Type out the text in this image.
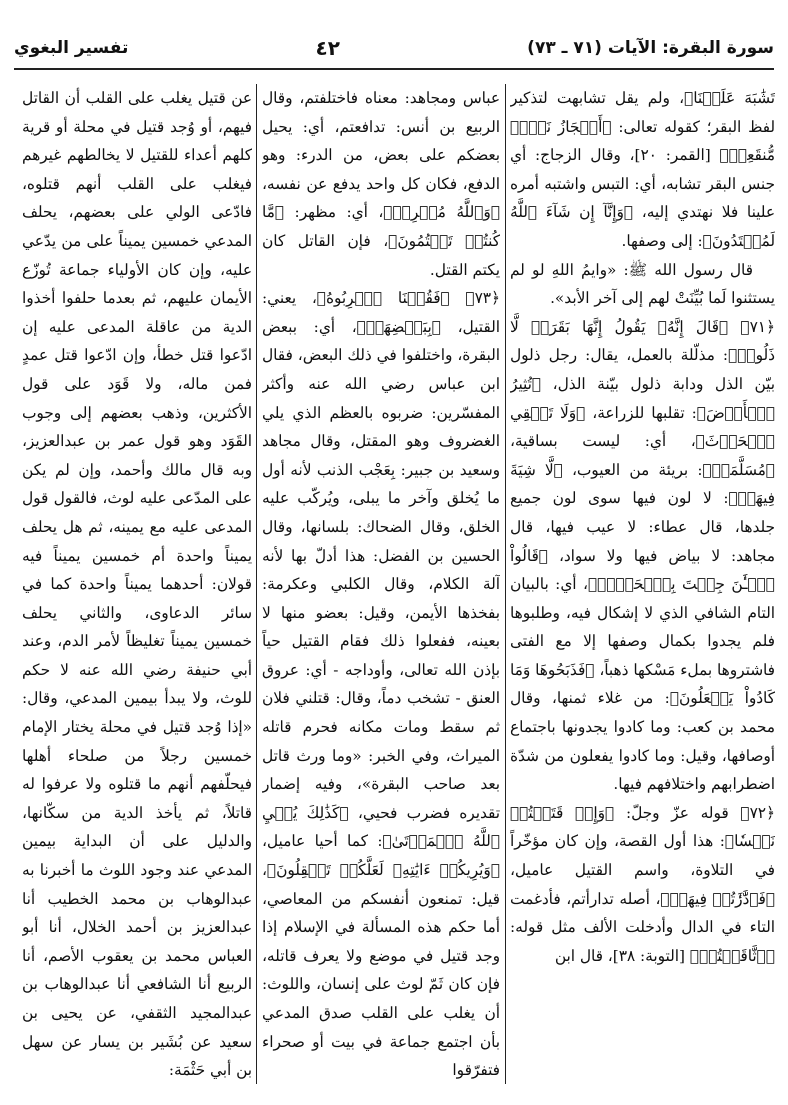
سورة البقرة: الآيات (٧١ ـ ٧٣)
٤٢
تفسير البغوي

تَشَٰبَهَ عَلَيۡنَا﴾، ولم يقل تشابهت لتذكير لفظ البقر؛ كقوله تعالى: ﴿أَعۡجَازُ نَخۡلٖ مُّنقَعِرٖ﴾ [القمر: ٢٠]، وقال الزجاج: أي جنس البقر تشابه، أي: التبس واشتبه أمره علينا فلا نهتدي إليه، ﴿وَإِنَّآ إِن شَآءَ ٱللَّهُ لَمُهۡتَدُونَ﴾: إلى وصفها.

قال رسول الله ﷺ: «وايمُ اللهِ لو لم يستثنوا لَما بُيِّنَتْ لهم إلى آخر الأبد».

﴿٧١﴾ ﴿قَالَ إِنَّهُۥ يَقُولُ إِنَّهَا بَقَرَةٞ لَّا ذَلُولٞ﴾: مذلّلة بالعمل، يقال: رجل ذلول بيّن الذل ودابة ذلول بيّنة الذل، ﴿تُثِيرُ ٱلۡأَرۡضَ﴾: تقلبها للزراعة، ﴿وَلَا تَسۡقِي ٱلۡحَرۡثَ﴾، أي: ليست بساقية، ﴿مُسَلَّمَةٞ﴾: بريئة من العيوب، ﴿لَّا شِيَةَ فِيهَاۚ﴾: لا لون فيها سوى لون جميع جلدها، قال عطاء: لا عيب فيها، قال مجاهد: لا بياض فيها ولا سواد، ﴿قَالُواْ ٱلۡـَٰٔنَ جِئۡتَ بِٱلۡحَقِّۚ﴾، أي: بالبيان التام الشافي الذي لا إشكال فيه، وطلبوها فلم يجدوا بكمال وصفها إلا مع الفتى فاشتروها بملء مَسْكها ذهباً، ﴿فَذَبَحُوهَا وَمَا كَادُواْ يَفۡعَلُونَ﴾: من غلاء ثمنها، وقال محمد بن كعب: وما كادوا يجدونها باجتماع أوصافها، وقيل: وما كادوا يفعلون من شدّة اضطرابهم واختلافهم فيها.

﴿٧٢﴾ قوله عزّ وجلّ: ﴿وَإِذۡ قَتَلۡتُمۡ نَفۡسٗا﴾: هذا أول القصة، وإن كان مؤخّراً في التلاوة، واسم القتيل عاميل، ﴿فَٱدَّٰرَٰٔتُمۡ فِيهَاۖ﴾، أصله تدارأتم، فأدغمت التاء في الدال وأدخلت الألف مثل قوله: ﴿ٱثَّاقَلۡتُمۡ﴾ [التوبة: ٣٨]، قال ابن

عباس ومجاهد: معناه فاختلفتم، وقال الربيع بن أنس: تدافعتم، أي: يحيل بعضكم على بعض، من الدرء: وهو الدفع، فكان كل واحد يدفع عن نفسه، ﴿وَٱللَّهُ مُخۡرِجٞ﴾، أي: مظهر: ﴿مَّا كُنتُمۡ تَكۡتُمُونَ﴾، فإن القاتل كان يكتم القتل.

﴿٧٣﴾ ﴿فَقُلۡنَا ٱضۡرِبُوهُ﴾، يعني: القتيل، ﴿بِبَعۡضِهَاۚ﴾، أي: ببعض البقرة، واختلفوا في ذلك البعض، فقال ابن عباس رضي الله عنه وأكثر المفسّرين: ضربوه بالعظم الذي يلي الغضروف وهو المقتل، وقال مجاهد وسعيد بن جبير: بِعَجْب الذنب لأنه أول ما يُخلق وآخر ما يبلى، ويُركّب عليه الخلق، وقال الضحاك: بلسانها، وقال الحسين بن الفضل: هذا أدلّ بها لأنه آلة الكلام، وقال الكلبي وعكرمة: بفخذها الأيمن، وقيل: بعضو منها لا بعينه، ففعلوا ذلك فقام القتيل حياً بإذن الله تعالى، وأوداجه - أي: عروق العنق - تشخب دماً، وقال: قتلني فلان ثم سقط ومات مكانه فحرم قاتله الميراث، وفي الخبر: «وما ورث قاتل بعد صاحب البقرة»، وفيه إضمار تقديره فضرب فحيي، ﴿كَذَٰلِكَ يُحۡيِ ٱللَّهُ ٱلۡمَوۡتَىٰ﴾: كما أحيا عاميل، ﴿وَيُرِيكُمۡ ءَايَٰتِهِۦ لَعَلَّكُمۡ تَعۡقِلُونَ﴾، قيل: تمنعون أنفسكم من المعاصي، أما حكم هذه المسألة في الإسلام إذا وجد قتيل في موضع ولا يعرف قاتله، فإن كان ثَمّ لوث على إنسان، واللوث: أن يغلب على القلب صدق المدعي بأن اجتمع جماعة في بيت أو صحراء فتفرّقوا

عن قتيل يغلب على القلب أن القاتل فيهم، أو وُجد قتيل في محلة أو قرية كلهم أعداء للقتيل لا يخالطهم غيرهم فيغلب على القلب أنهم قتلوه، فادّعى الولي على بعضهم، يحلف المدعي خمسين يميناً على من يدّعي عليه، وإن كان الأولياء جماعة تُوزّع الأيمان عليهم، ثم بعدما حلفوا أخذوا الدية من عاقلة المدعى عليه إن ادّعوا قتل خطأ، وإن ادّعوا قتل عمدٍ فمن ماله، ولا قَوَد على قول الأكثرين، وذهب بعضهم إلى وجوب القَوَد وهو قول عمر بن عبدالعزيز، وبه قال مالك وأحمد، وإن لم يكن على المدّعى عليه لوث، فالقول قول المدعى عليه مع يمينه، ثم هل يحلف يميناً واحدة أم خمسين يميناً فيه قولان: أحدهما يميناً واحدة كما في سائر الدعاوى، والثاني يحلف خمسين يميناً تغليظاً لأمر الدم، وعند أبي حنيفة رضي الله عنه لا حكم للوث، ولا يبدأ بيمين المدعي، وقال: «إذا وُجد قتيل في محلة يختار الإمام خمسين رجلاً من صلحاء أهلها فيحلّفهم أنهم ما قتلوه ولا عرفوا له قاتلاً، ثم يأخذ الدية من سكّانها، والدليل على أن البداية بيمين المدعي عند وجود اللوث ما أخبرنا به عبدالوهاب بن محمد الخطيب أنا عبدالعزيز بن أحمد الخلال، أنا أبو العباس محمد بن يعقوب الأصم، أنا الربيع أنا الشافعي أنا عبدالوهاب بن عبدالمجيد الثقفي، عن يحيى بن سعيد عن بُشَير بن يسار عن سهل بن أبي حَثْمَة:
